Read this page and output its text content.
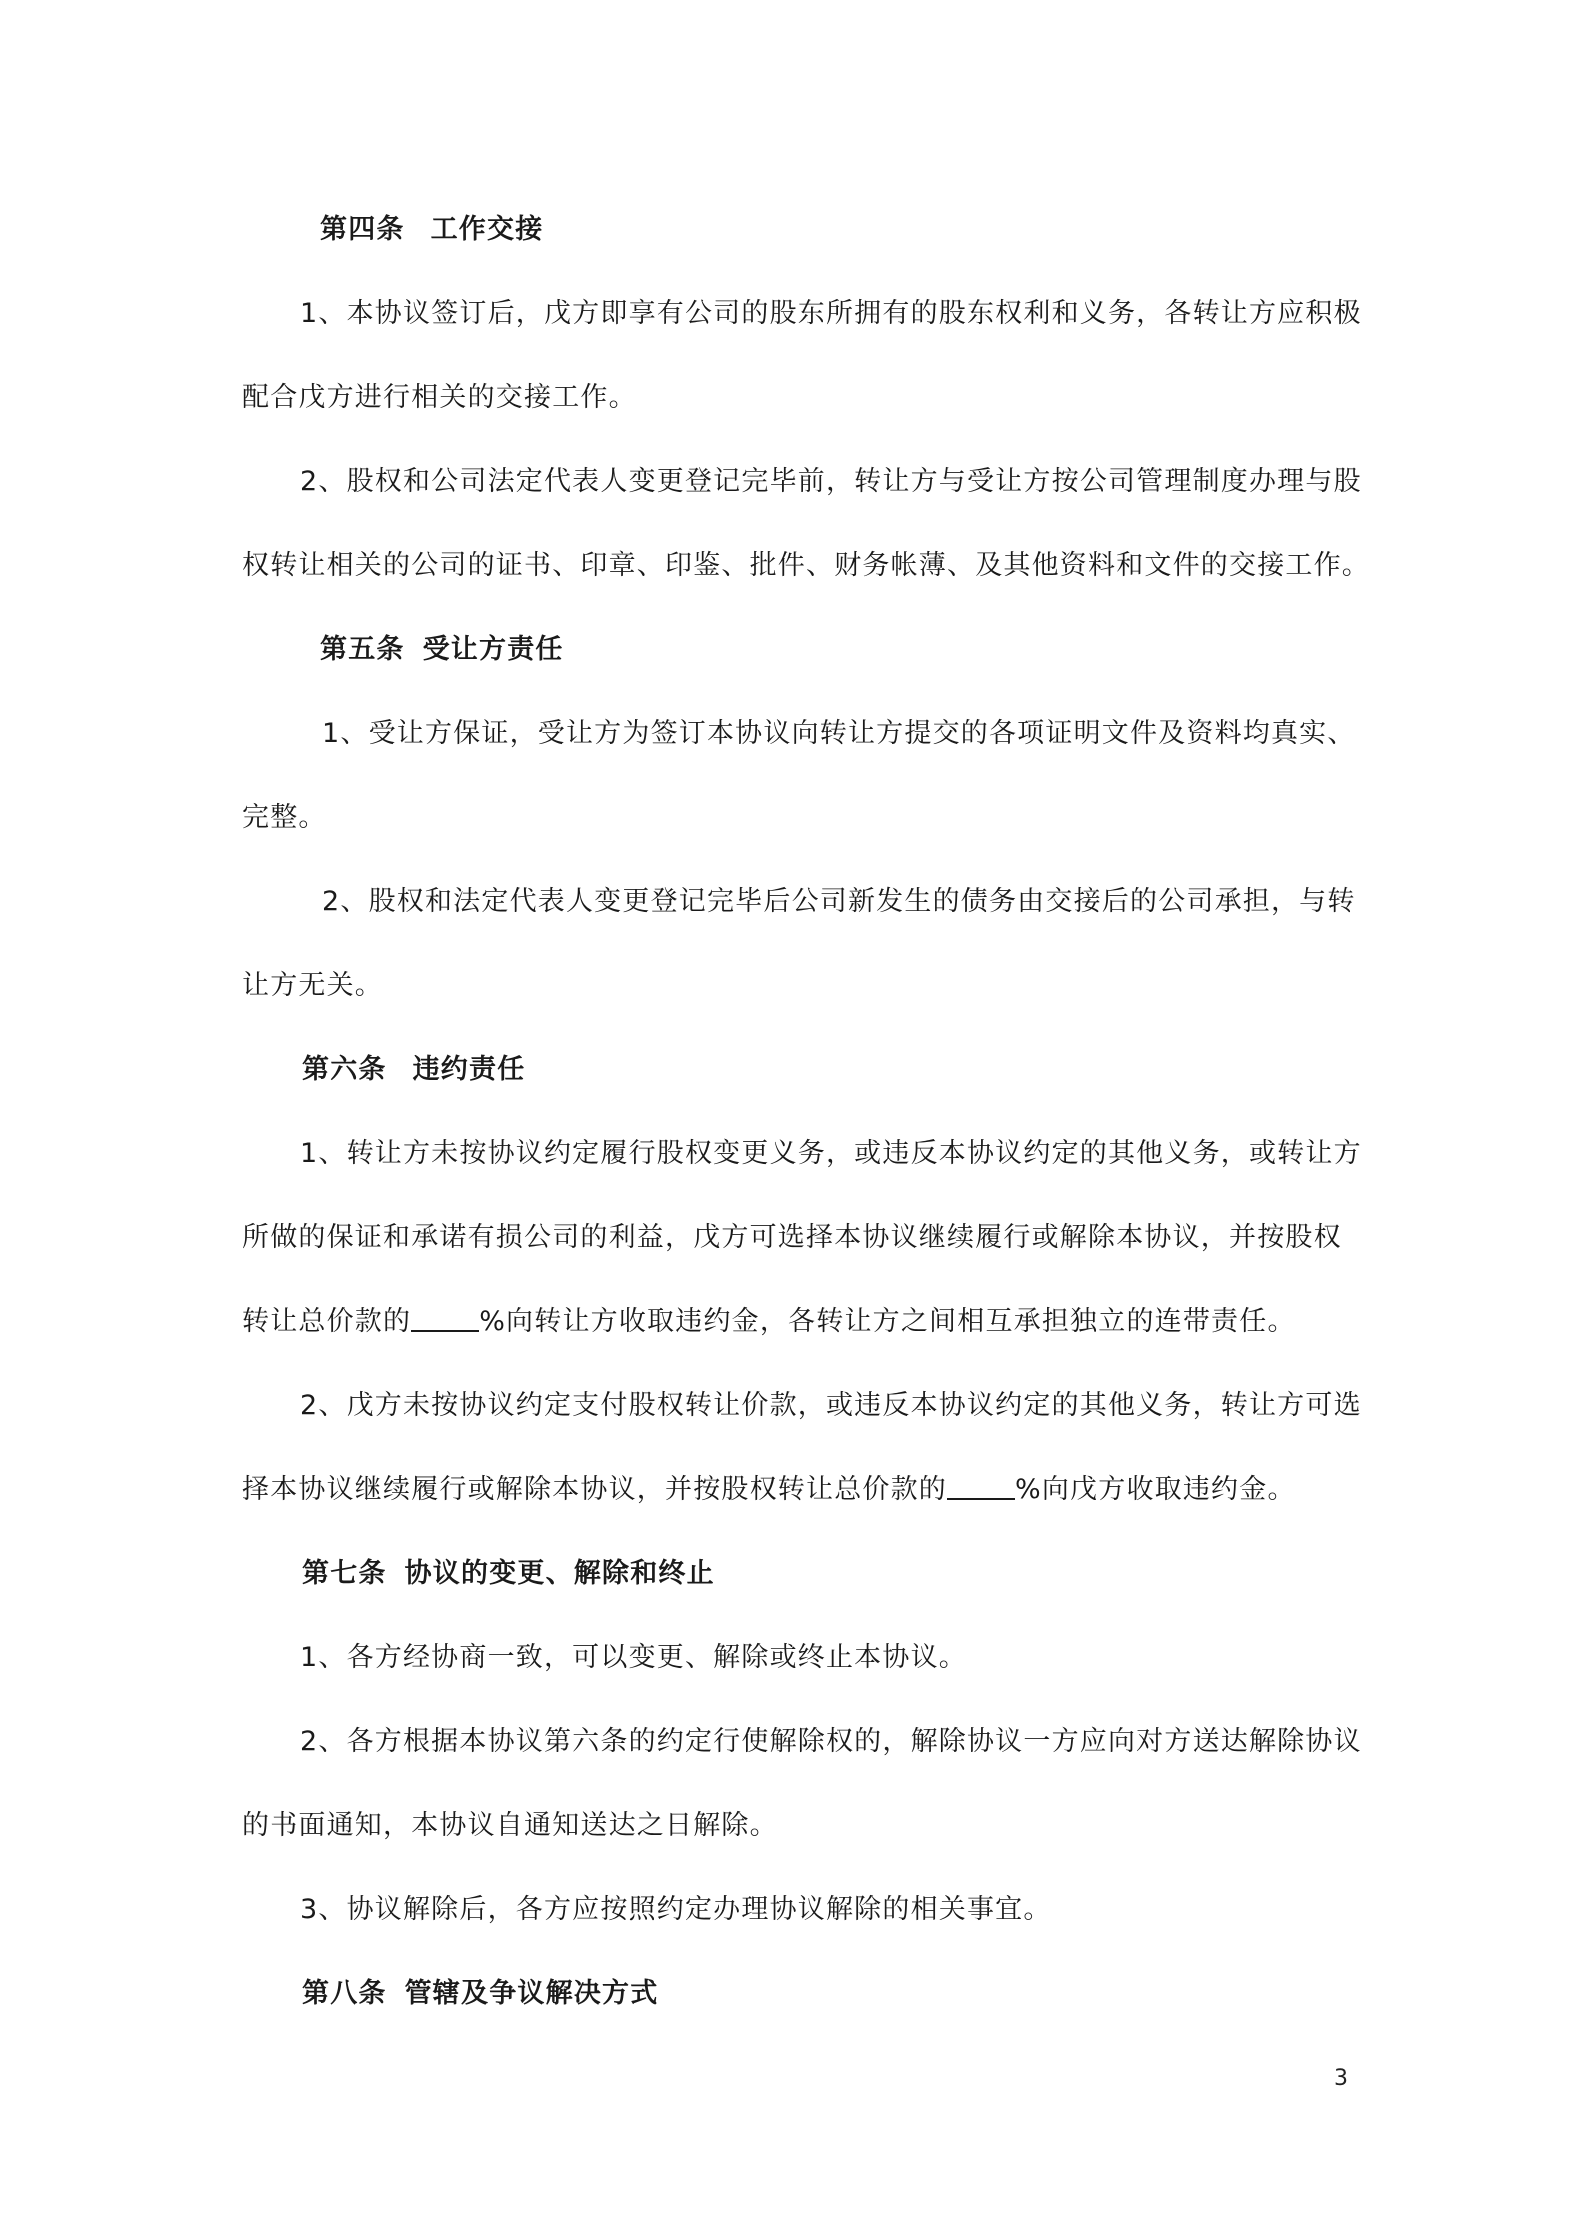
第四条 工作交接
1、本协议签订后，戊方即享有公司的股东所拥有的股东权利和义务，各转让方应积极
配合戊方进行相关的交接工作。
2、股权和公司法定代表人变更登记完毕前，转让方与受让方按公司管理制度办理与股
权转让相关的公司的证书、印章、印鉴、批件、财务帐薄、及其他资料和文件的交接工作。
第五条 受让方责任
1、受让方保证，受让方为签订本协议向转让方提交的各项证明文件及资料均真实、
完整。
2、股权和法定代表人变更登记完毕后公司新发生的债务由交接后的公司承担，与转
让方无关。
第六条 违约责任
1、转让方未按协议约定履行股权变更义务，或违反本协议约定的其他义务，或转让方
所做的保证和承诺有损公司的利益，戊方可选择本协议继续履行或解除本协议，并按股权
转让总价款的	%向转让方收取违约金，各转让方之间相互承担独立的连带责任。
2、戊方未按协议约定支付股权转让价款，或违反本协议约定的其他义务，转让方可选
择本协议继续履行或解除本协议，并按股权转让总价款的	%向戊方收取违约金。
第七条 协议的变更、解除和终止
1、各方经协商一致，可以变更、解除或终止本协议。
2、各方根据本协议第六条的约定行使解除权的，解除协议一方应向对方送达解除协议
的书面通知，本协议自通知送达之日解除。
3、协议解除后，各方应按照约定办理协议解除的相关事宜。
第八条 管辖及争议解决方式
3
